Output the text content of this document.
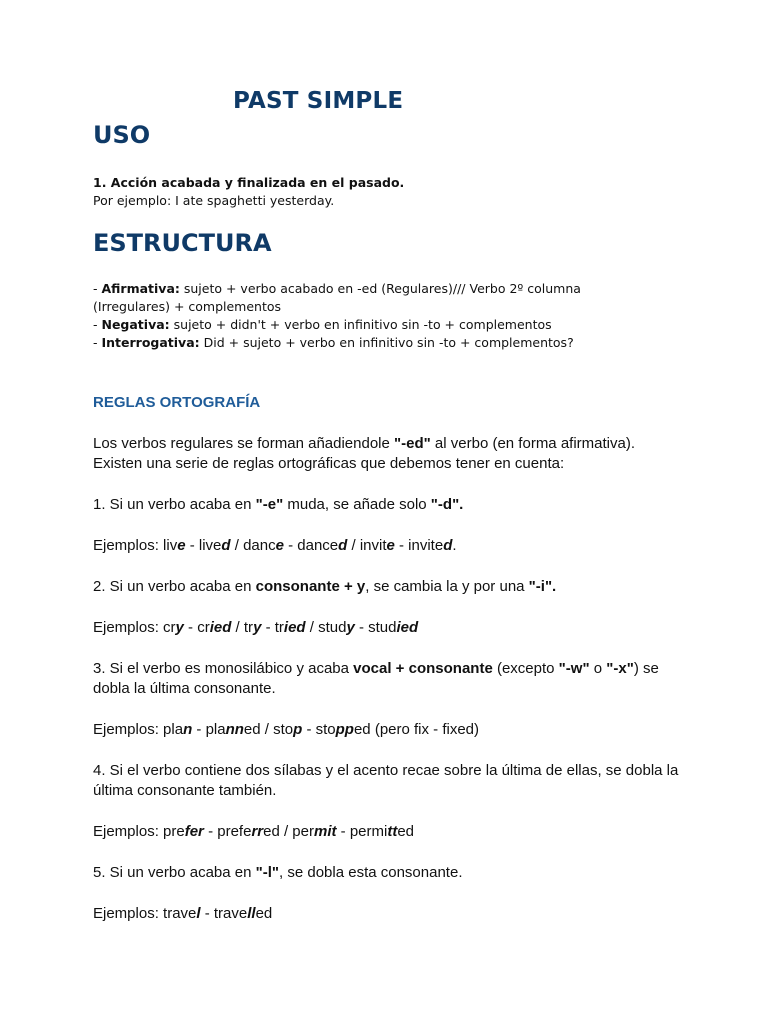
PAST SIMPLE
USO
1. Acción acabada y finalizada en el pasado.
Por ejemplo: I ate spaghetti yesterday.
ESTRUCTURA
- Afirmativa: sujeto + verbo acabado en -ed (Regulares)/// Verbo 2º columna (Irregulares) + complementos
- Negativa: sujeto + didn't + verbo en infinitivo sin -to + complementos
- Interrogativa: Did + sujeto + verbo en infinitivo sin -to + complementos?
REGLAS ORTOGRAFÍA

Los verbos regulares se forman añadiendole "-ed" al verbo (en forma afirmativa). Existen una serie de reglas ortográficas que debemos tener en cuenta:

1. Si un verbo acaba en "-e" muda, se añade solo "-d".

Ejemplos: live - lived / dance - danced / invite - invited.

2. Si un verbo acaba en consonante + y, se cambia la y por una "-i".

Ejemplos: cry - cried / try - tried / study - studied

3. Si el verbo es monosilábico y acaba vocal + consonante (excepto "-w" o "-x") se dobla la última consonante.

Ejemplos: plan - planned / stop - stopped (pero fix - fixed)

4. Si el verbo contiene dos sílabas y el acento recae sobre la última de ellas, se dobla la última consonante también.

Ejemplos: prefer - preferred / permit - permitted

5. Si un verbo acaba en "-l", se dobla esta consonante.

Ejemplos: travel - travelled
